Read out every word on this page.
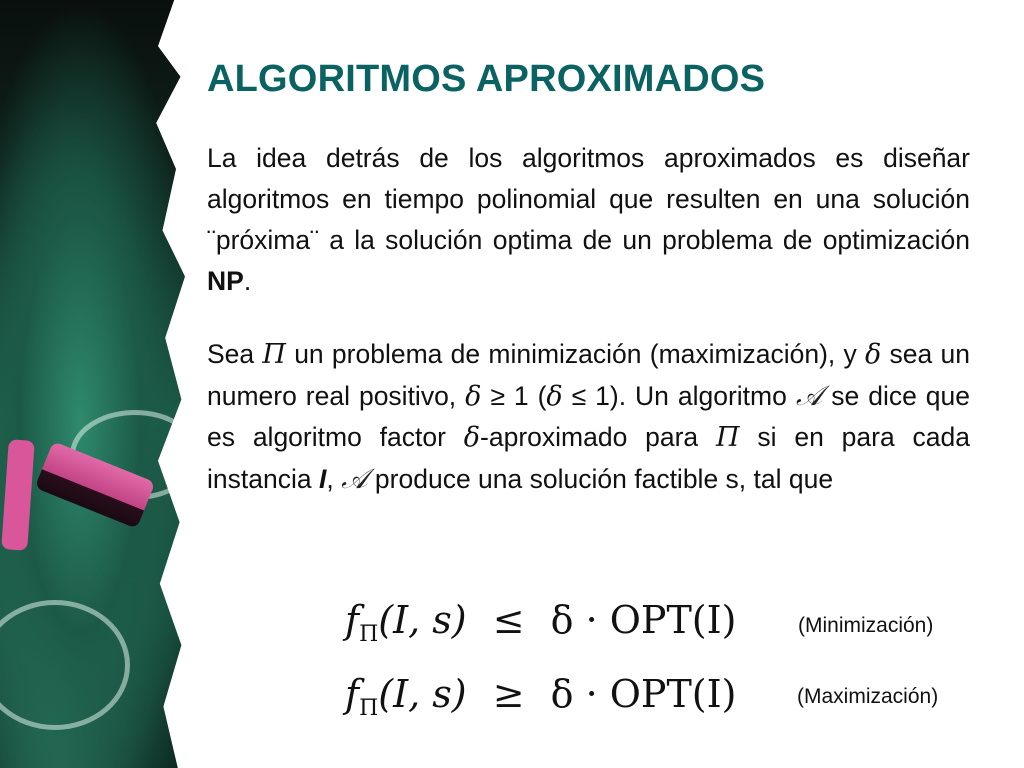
ALGORITMOS APROXIMADOS

La idea detrás de los algoritmos aproximados es diseñar algoritmos en tiempo polinomial que resulten en una solución ¨próxima¨ a la solución optima de un problema de optimización NP.

Sea Π un problema de minimización (maximización), y δ sea un numero real positivo, δ ≥ 1 (δ ≤ 1). Un algoritmo 𝒜 se dice que es algoritmo factor δ-aproximado para Π si en para cada instancia I, 𝒜 produce una solución factible s, tal que

$f_\Pi(I$, s) ≤ δ · OPT(I)	(Minimización)
$f_\Pi(I$, s) ≥ δ · OPT(I)	(Maximización)
